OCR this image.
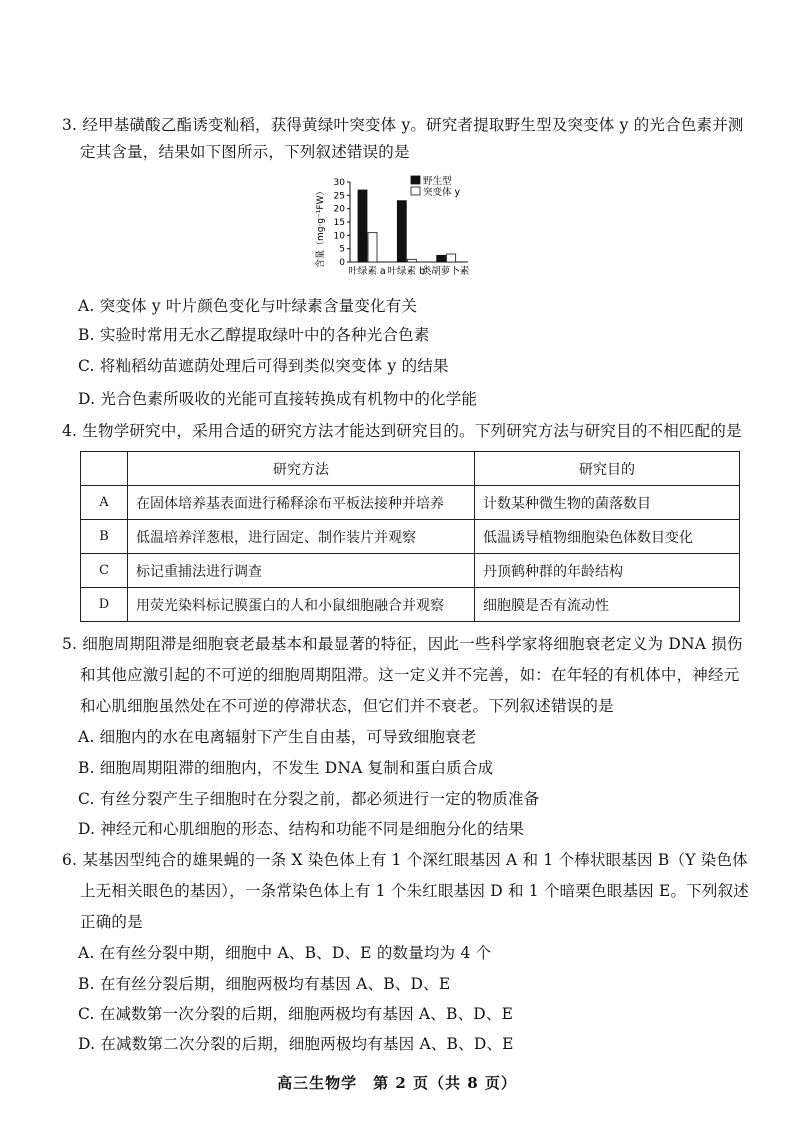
3. 经甲基磺酸乙酯诱变籼稻，获得黄绿叶突变体 y。研究者提取野生型及突变体 y 的光合色素并测
定其含量，结果如下图所示，下列叙述错误的是
含量（mg·g⁻¹FW） 0
5
10
15
20
25
30
叶绿素 a 叶绿素 b
类胡萝卜素
野生型
突变体 y
A. 突变体 y 叶片颜色变化与叶绿素含量变化有关
B. 实验时常用无水乙醇提取绿叶中的各种光合色素
C. 将籼稻幼苗遮荫处理后可得到类似突变体 y 的结果
D. 光合色素所吸收的光能可直接转换成有机物中的化学能
4. 生物学研究中，采用合适的研究方法才能达到研究目的。下列研究方法与研究目的不相匹配的是
	研究方法	研究目的
A	在固体培养基表面进行稀释涂布平板法接种并培养	计数某种微生物的菌落数目
B	低温培养洋葱根，进行固定、制作装片并观察	低温诱导植物细胞染色体数目变化
C	标记重捕法进行调查	丹顶鹤种群的年龄结构
D	用荧光染料标记膜蛋白的人和小鼠细胞融合并观察	细胞膜是否有流动性
5. 细胞周期阻滞是细胞衰老最基本和最显著的特征，因此一些科学家将细胞衰老定义为 DNA 损伤
和其他应激引起的不可逆的细胞周期阻滞。这一定义并不完善，如：在年轻的有机体中，神经元
和心肌细胞虽然处在不可逆的停滞状态，但它们并不衰老。下列叙述错误的是
A. 细胞内的水在电离辐射下产生自由基，可导致细胞衰老
B. 细胞周期阻滞的细胞内，不发生 DNA 复制和蛋白质合成
C. 有丝分裂产生子细胞时在分裂之前，都必须进行一定的物质准备
D. 神经元和心肌细胞的形态、结构和功能不同是细胞分化的结果
6. 某基因型纯合的雄果蝇的一条 X 染色体上有 1 个深红眼基因 A 和 1 个棒状眼基因 B（Y 染色体
上无相关眼色的基因），一条常染色体上有 1 个朱红眼基因 D 和 1 个暗栗色眼基因 E。下列叙述
正确的是
A. 在有丝分裂中期，细胞中 A、B、D、E 的数量均为 4 个
B. 在有丝分裂后期，细胞两极均有基因 A、B、D、E
C. 在减数第一次分裂的后期，细胞两极均有基因 A、B、D、E
D. 在减数第二次分裂的后期，细胞两极均有基因 A、B、D、E
高三生物学　第 2 页（共 8 页）
